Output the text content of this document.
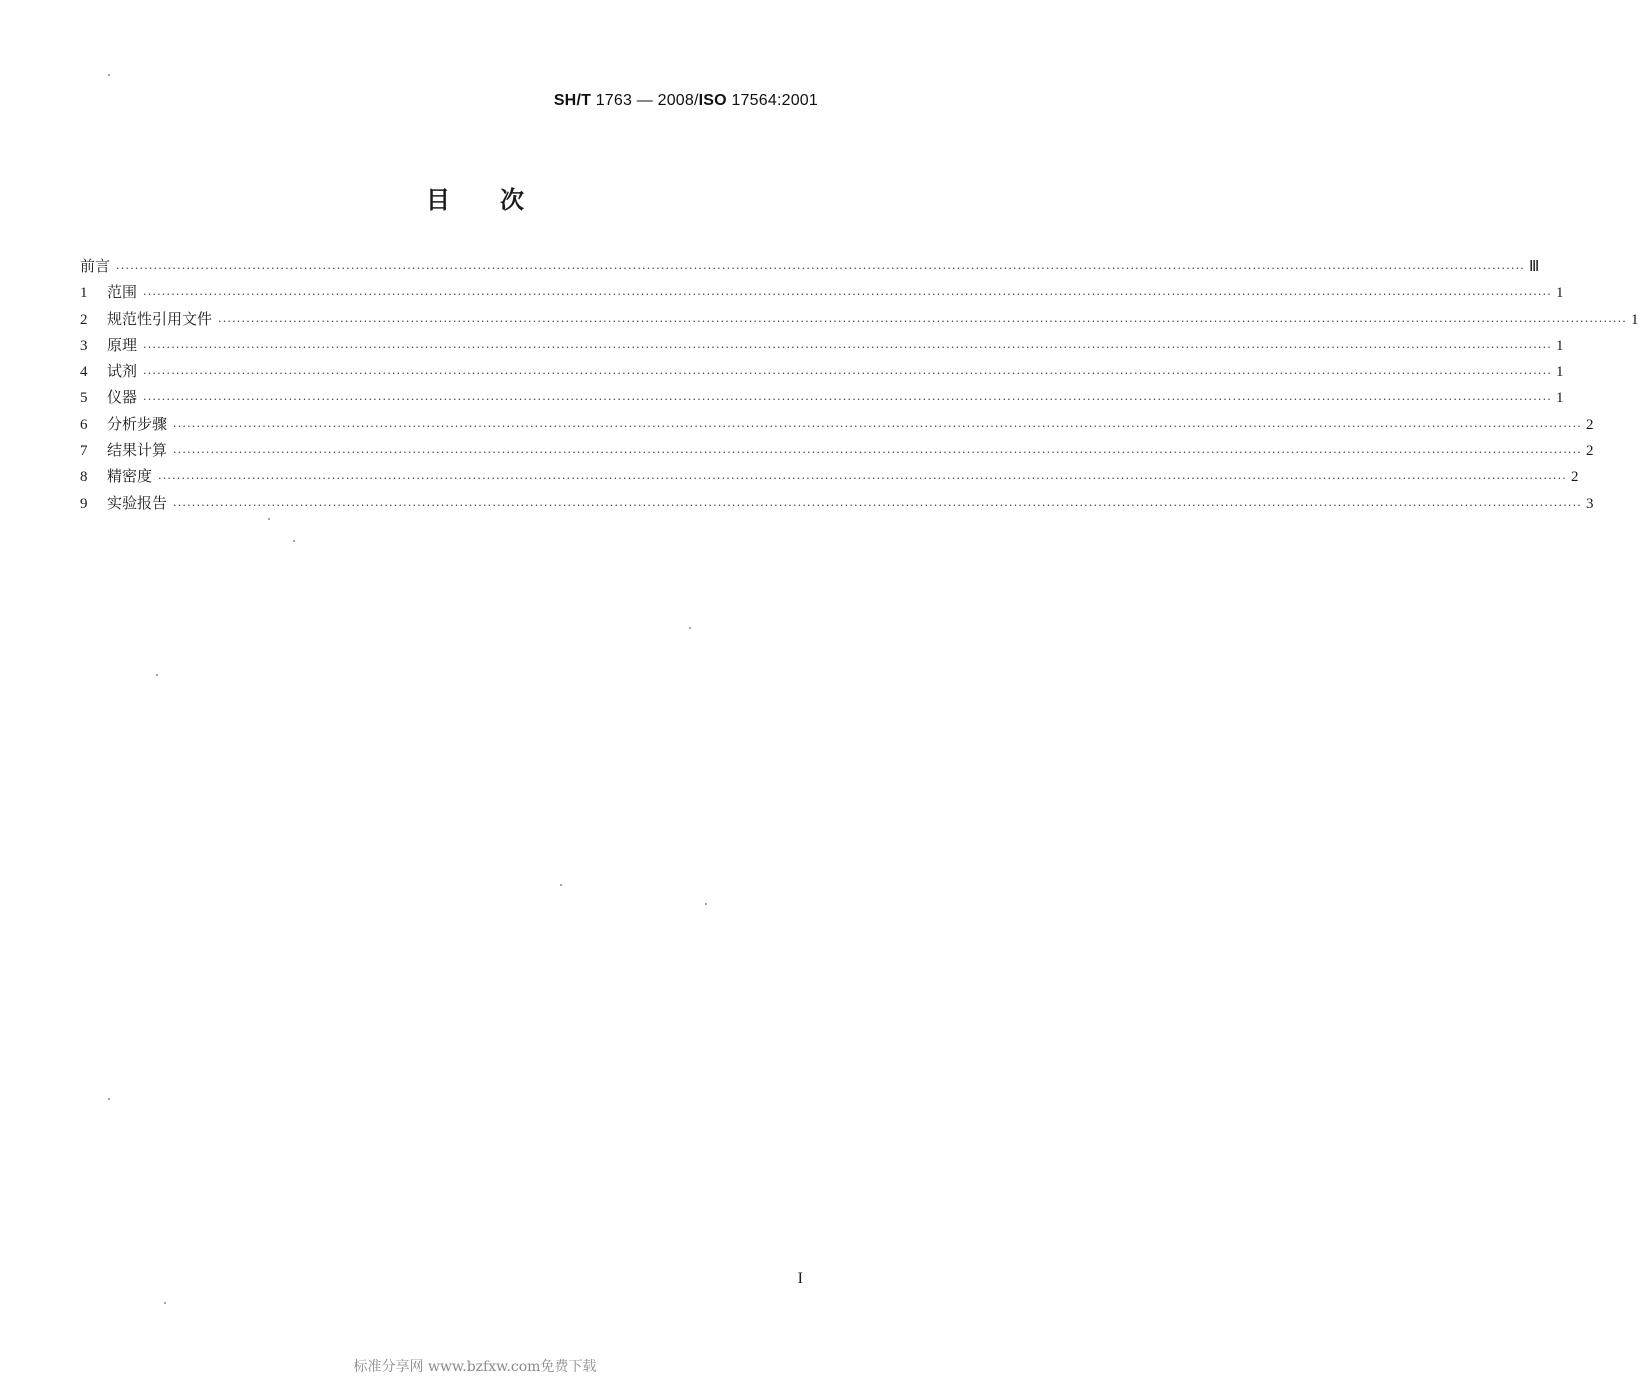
SH/T 1763 — 2008/ISO 17564:2001
目次
前言 ............................................................................................................................................................................................................................................................................................................ Ⅲ
1	范围 ............................................................................................................................................................................................................................................................................................................ 1
2	规范性引用文件 ............................................................................................................................................................................................................................................................................................................ 1
3	原理 ............................................................................................................................................................................................................................................................................................................ 1
4	试剂 ............................................................................................................................................................................................................................................................................................................ 1
5	仪器 ............................................................................................................................................................................................................................................................................................................ 1
6	分析步骤 ............................................................................................................................................................................................................................................................................................................ 2
7	结果计算 ............................................................................................................................................................................................................................................................................................................ 2
8	精密度 ............................................................................................................................................................................................................................................................................................................ 2
9	实验报告 ............................................................................................................................................................................................................................................................................................................ 3
I
标准分享网 www.bzfxw.com免费下载
